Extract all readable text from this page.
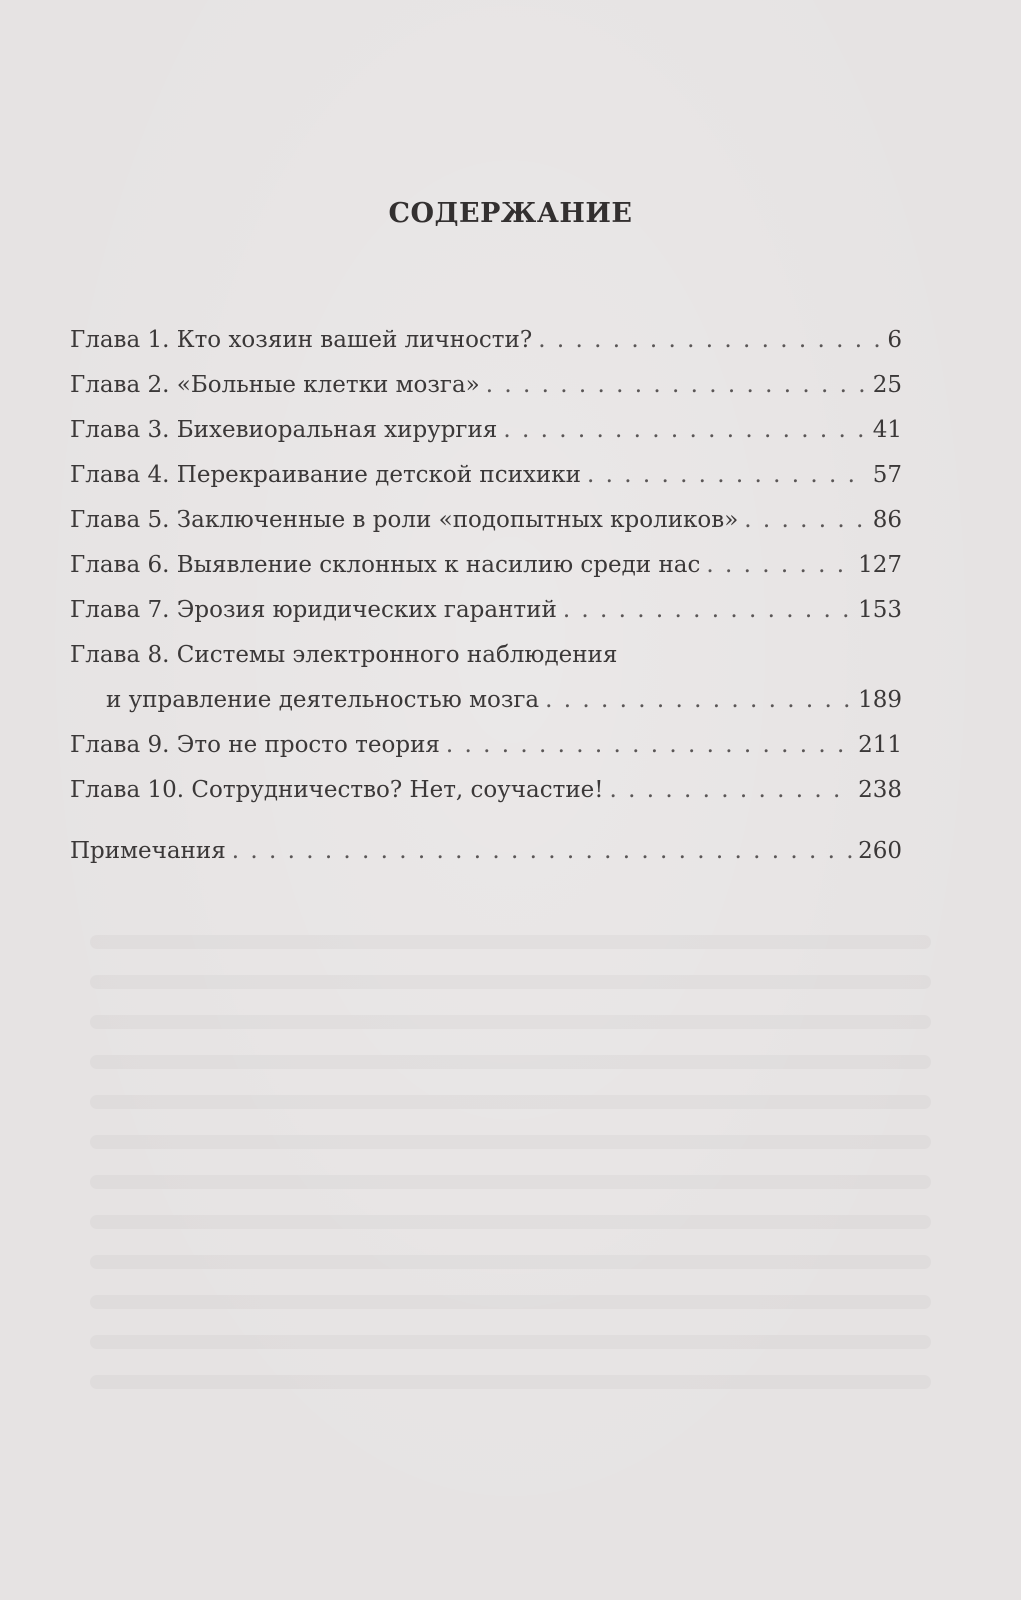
СОДЕРЖАНИЕ
Глава 1. Кто хозяин вашей личности? . . .	6
Глава 2. «Больные клетки мозга» . . .	25
Глава 3. Бихевиоральная хирургия . . .	41
Глава 4. Перекраивание детской психики . . .	57
Глава 5. Заключенные в роли «подопытных кроликов» . . .	86
Глава 6. Выявление склонных к насилию среди нас . . .	127
Глава 7. Эрозия юридических гарантий . . .	153
Глава 8. Системы электронного наблюдения
и управление деятельностью мозга . . .	189
Глава 9. Это не просто теория . . .	211
Глава 10. Сотрудничество? Нет, соучастие! . . .	238
Примечания . . .	260
